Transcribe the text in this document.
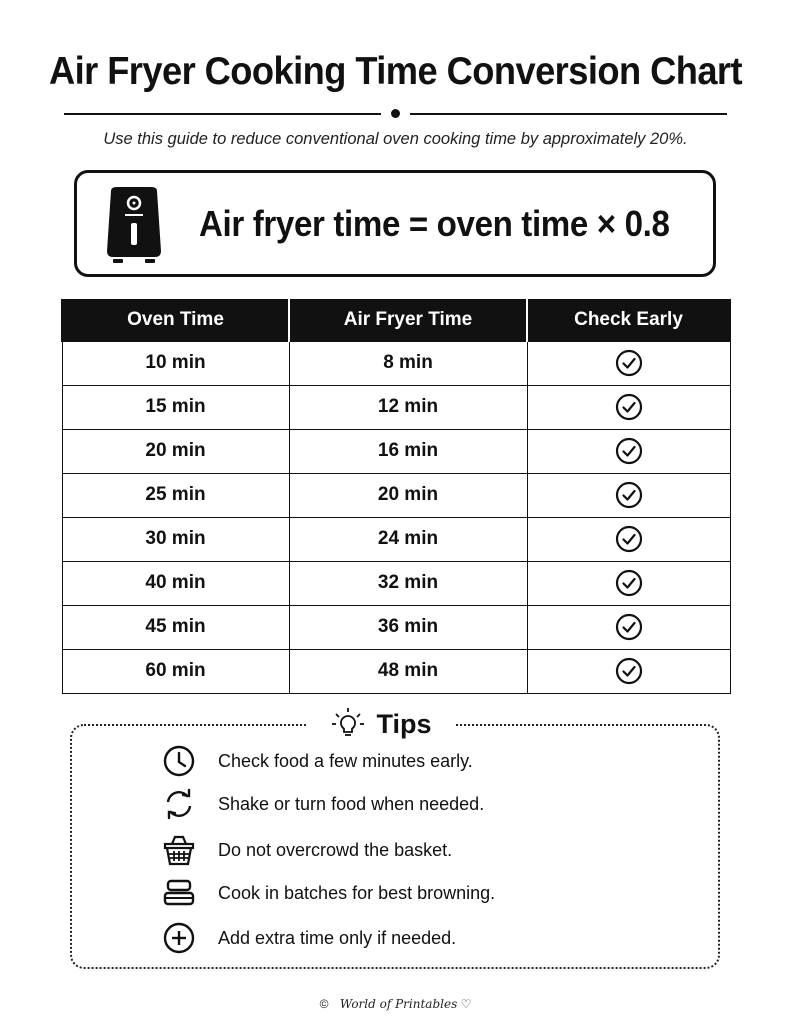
Air Fryer Cooking Time Conversion Chart
Use this guide to reduce conventional oven cooking time by approximately 20%.
Air fryer time = oven time × 0.8
Oven Time	Air Fryer Time	Check Early
10 min	8 min	
15 min	12 min	
20 min	16 min	
25 min	20 min	
30 min	24 min	
40 min	32 min	
45 min	36 min	
60 min	48 min	
Tips
Check food a few minutes early.
Shake or turn food when needed.
Do not overcrowd the basket.
Cook in batches for best browning.
Add extra time only if needed.
© World of Printables ♡
